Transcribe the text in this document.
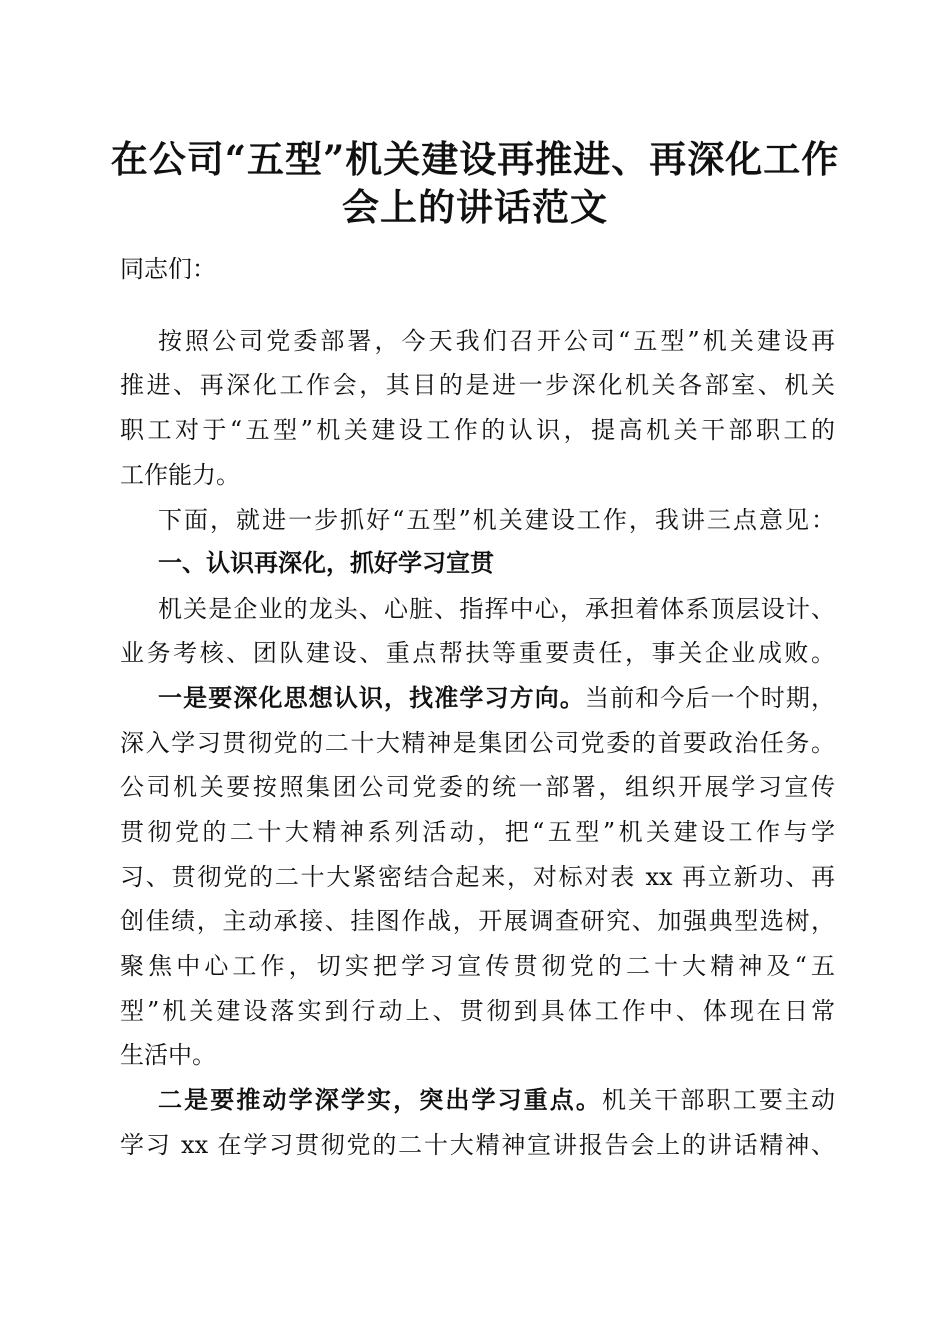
在公司“五型”机关建设再推进、再深化工作
会上的讲话范文

同志们：

按照公司党委部署，今天我们召开公司“五型”机关建设再

推进、再深化工作会，其目的是进一步深化机关各部室、机关

职工对于“五型”机关建设工作的认识，提高机关干部职工的

工作能力。

下面，就进一步抓好“五型”机关建设工作，我讲三点意见：

一、认识再深化，抓好学习宣贯

机关是企业的龙头、心脏、指挥中心，承担着体系顶层设计、

业务考核、团队建设、重点帮扶等重要责任，事关企业成败。

一是要深化思想认识，找准学习方向。当前和今后一个时期，

深入学习贯彻党的二十大精神是集团公司党委的首要政治任务。

公司机关要按照集团公司党委的统一部署，组织开展学习宣传

贯彻党的二十大精神系列活动，把“五型”机关建设工作与学

习、贯彻党的二十大紧密结合起来，对标对表 xx 再立新功、再

创佳绩，主动承接、挂图作战，开展调查研究、加强典型选树，

聚焦中心工作，切实把学习宣传贯彻党的二十大精神及“五

型”机关建设落实到行动上、贯彻到具体工作中、体现在日常

生活中。

二是要推动学深学实，突出学习重点。机关干部职工要主动

学习 xx 在学习贯彻党的二十大精神宣讲报告会上的讲话精神、
